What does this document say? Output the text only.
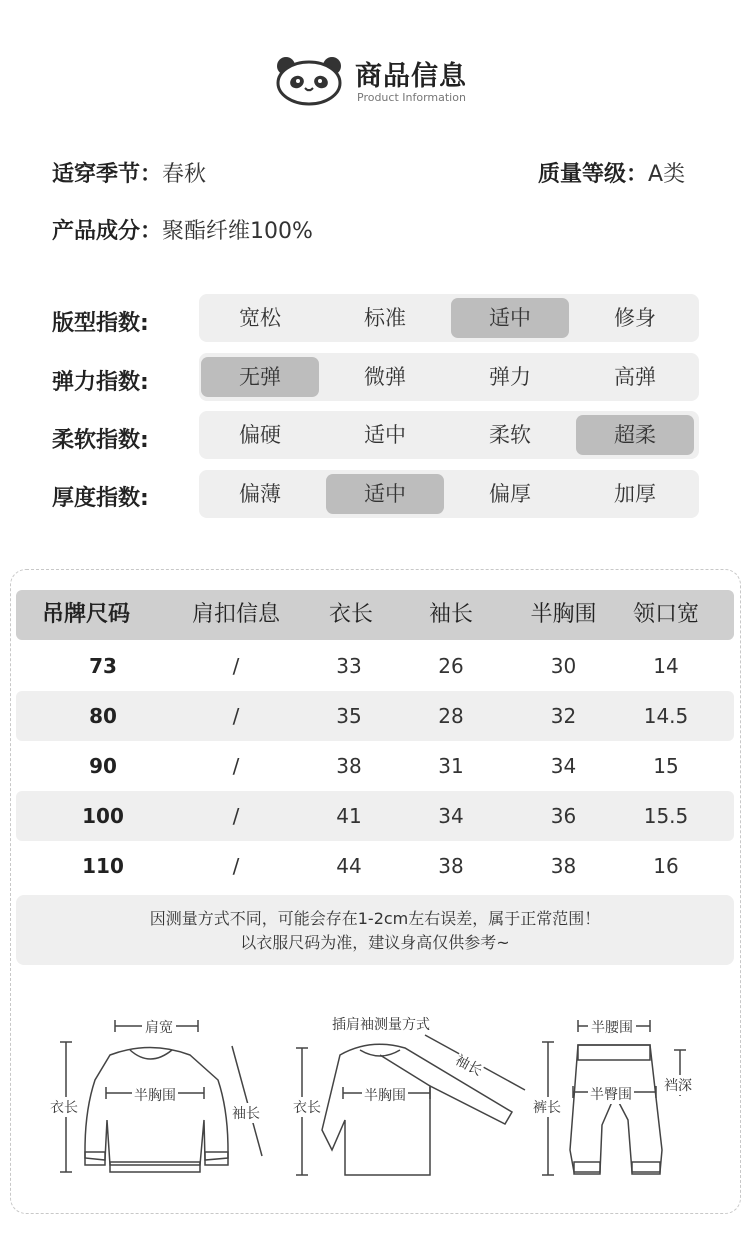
商品信息
Product Information
适穿季节：春秋	质量等级：A类
产品成分：聚酯纤维100%
版型指数:	宽松	标准	适中	修身
弹力指数:	无弹	微弹	弹力	高弹
柔软指数:	偏硬	适中	柔软	超柔
厚度指数:	偏薄	适中	偏厚	加厚
吊牌尺码	肩扣信息	衣长	袖长	半胸围	领口宽
73	/	33	26	30	14
80	/	35	28	32	14.5
90	/	38	31	34	15
100	/	41	34	36	15.5
110	/	44	38	38	16
因测量方式不同，可能会存在1-2cm左右误差，属于正常范围！
以衣服尺码为准，建议身高仅供参考~
肩宽
衣长
半胸围
袖长
插肩袖测量方式
衣长
半胸围
袖长
半腰围
裤长
半臀围
裆深
